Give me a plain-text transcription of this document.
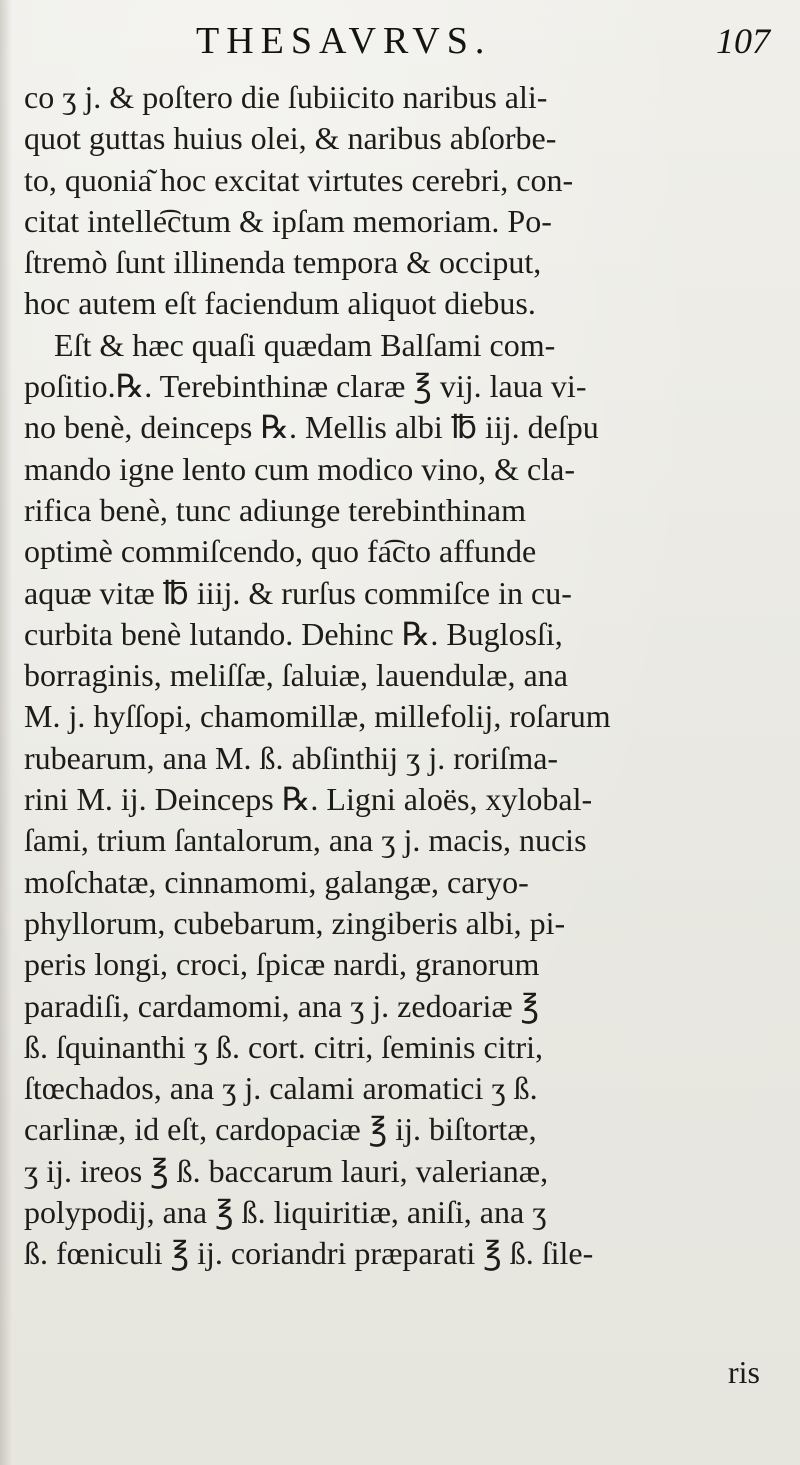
THESAVRVS.	107
co ʒ j. & poſtero die ſubiicito naribus ali-
quot guttas huius olei, & naribus abſorbe-
to, quonia͂ hoc excitat virtutes cerebri, con-
citat intelle͡ctum & ipſam memoriam. Po-
ſtremò ſunt illinenda tempora & occiput,
hoc autem eſt faciendum aliquot diebus.
Eſt & hæc quaſi quædam Balſami com-
poſitio.℞. Terebinthinæ claræ ℥ vij. laua vi-
no benè, deinceps ℞. Mellis albi ℔ iij. deſpu
mando igne lento cum modico vino, & cla-
rifica benè, tunc adiunge terebinthinam
optimè commiſcendo, quo fa͡cto affunde
aquæ vitæ ℔ iiij. & rurſus commiſce in cu-
curbita benè lutando. Dehinc ℞. Buglosſi,
borraginis, meliſſæ, ſaluiæ, lauendulæ, ana
M. j. hyſſopi, chamomillæ, millefolij, roſarum
rubearum, ana M. ß. abſinthij ʒ j. roriſma-
rini M. ij. Deinceps ℞. Ligni aloës, xylobal-
ſami, trium ſantalorum, ana ʒ j. macis, nucis
moſchatæ, cinnamomi, galangæ, caryo-
phyllorum, cubebarum, zingiberis albi, pi-
peris longi, croci, ſpicæ nardi, granorum
paradiſi, cardamomi, ana ʒ j. zedoariæ ℥
ß. ſquinanthi ʒ ß. cort. citri, ſeminis citri,
ſtœchados, ana ʒ j. calami aromatici ʒ ß.
carlinæ, id eſt, cardopaciæ ℥ ij. biſtortæ,
ʒ ij. ireos ℥ ß. baccarum lauri, valerianæ,
polypodij, ana ℥ ß. liquiritiæ, aniſi, ana ʒ
ß. fœniculi ℥ ij. coriandri præparati ℥ ß. ſile-
ris
